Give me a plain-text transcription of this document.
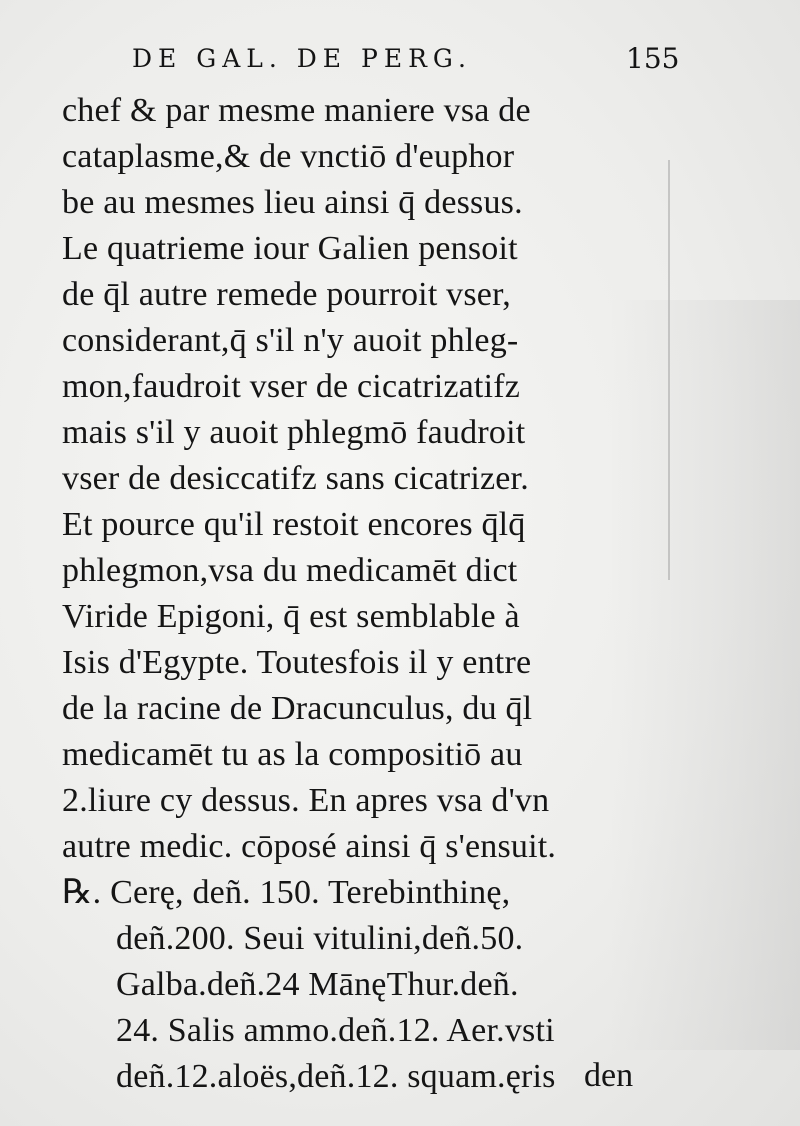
DE GAL. DE PERG.	155
chef & par mesme maniere vsa de
cataplasme,& de vnctiō d'euphor
be au mesmes lieu ainsi q̄ dessus.
Le quatrieme iour Galien pensoit
de q̄l autre remede pourroit vser,
considerant,q̄ s'il n'y auoit phleg-
mon,faudroit vser de cicatrizatifz
mais s'il y auoit phlegmō faudroit
vser de desiccatifz sans cicatrizer.
Et pource qu'il restoit encores q̄lq̄
phlegmon,vsa du medicamēt dict
Viride Epigoni, q̄ est semblable à
Isis d'Egypte. Toutesfois il y entre
de la racine de Dracunculus, du q̄l
medicamēt tu as la compositiō au
2.liure cy dessus. En apres vsa d'vn
autre medic. cōposé ainsi q̄ s'ensuit.
℞. Cerę, deñ. 150. Terebinthinę,
deñ.200. Seui vitulini,deñ.50.
Galba.deñ.24 MānęThur.deñ.
24. Salis ammo.deñ.12. Aer.vsti
deñ.12.aloës,deñ.12. squam.ęris den
